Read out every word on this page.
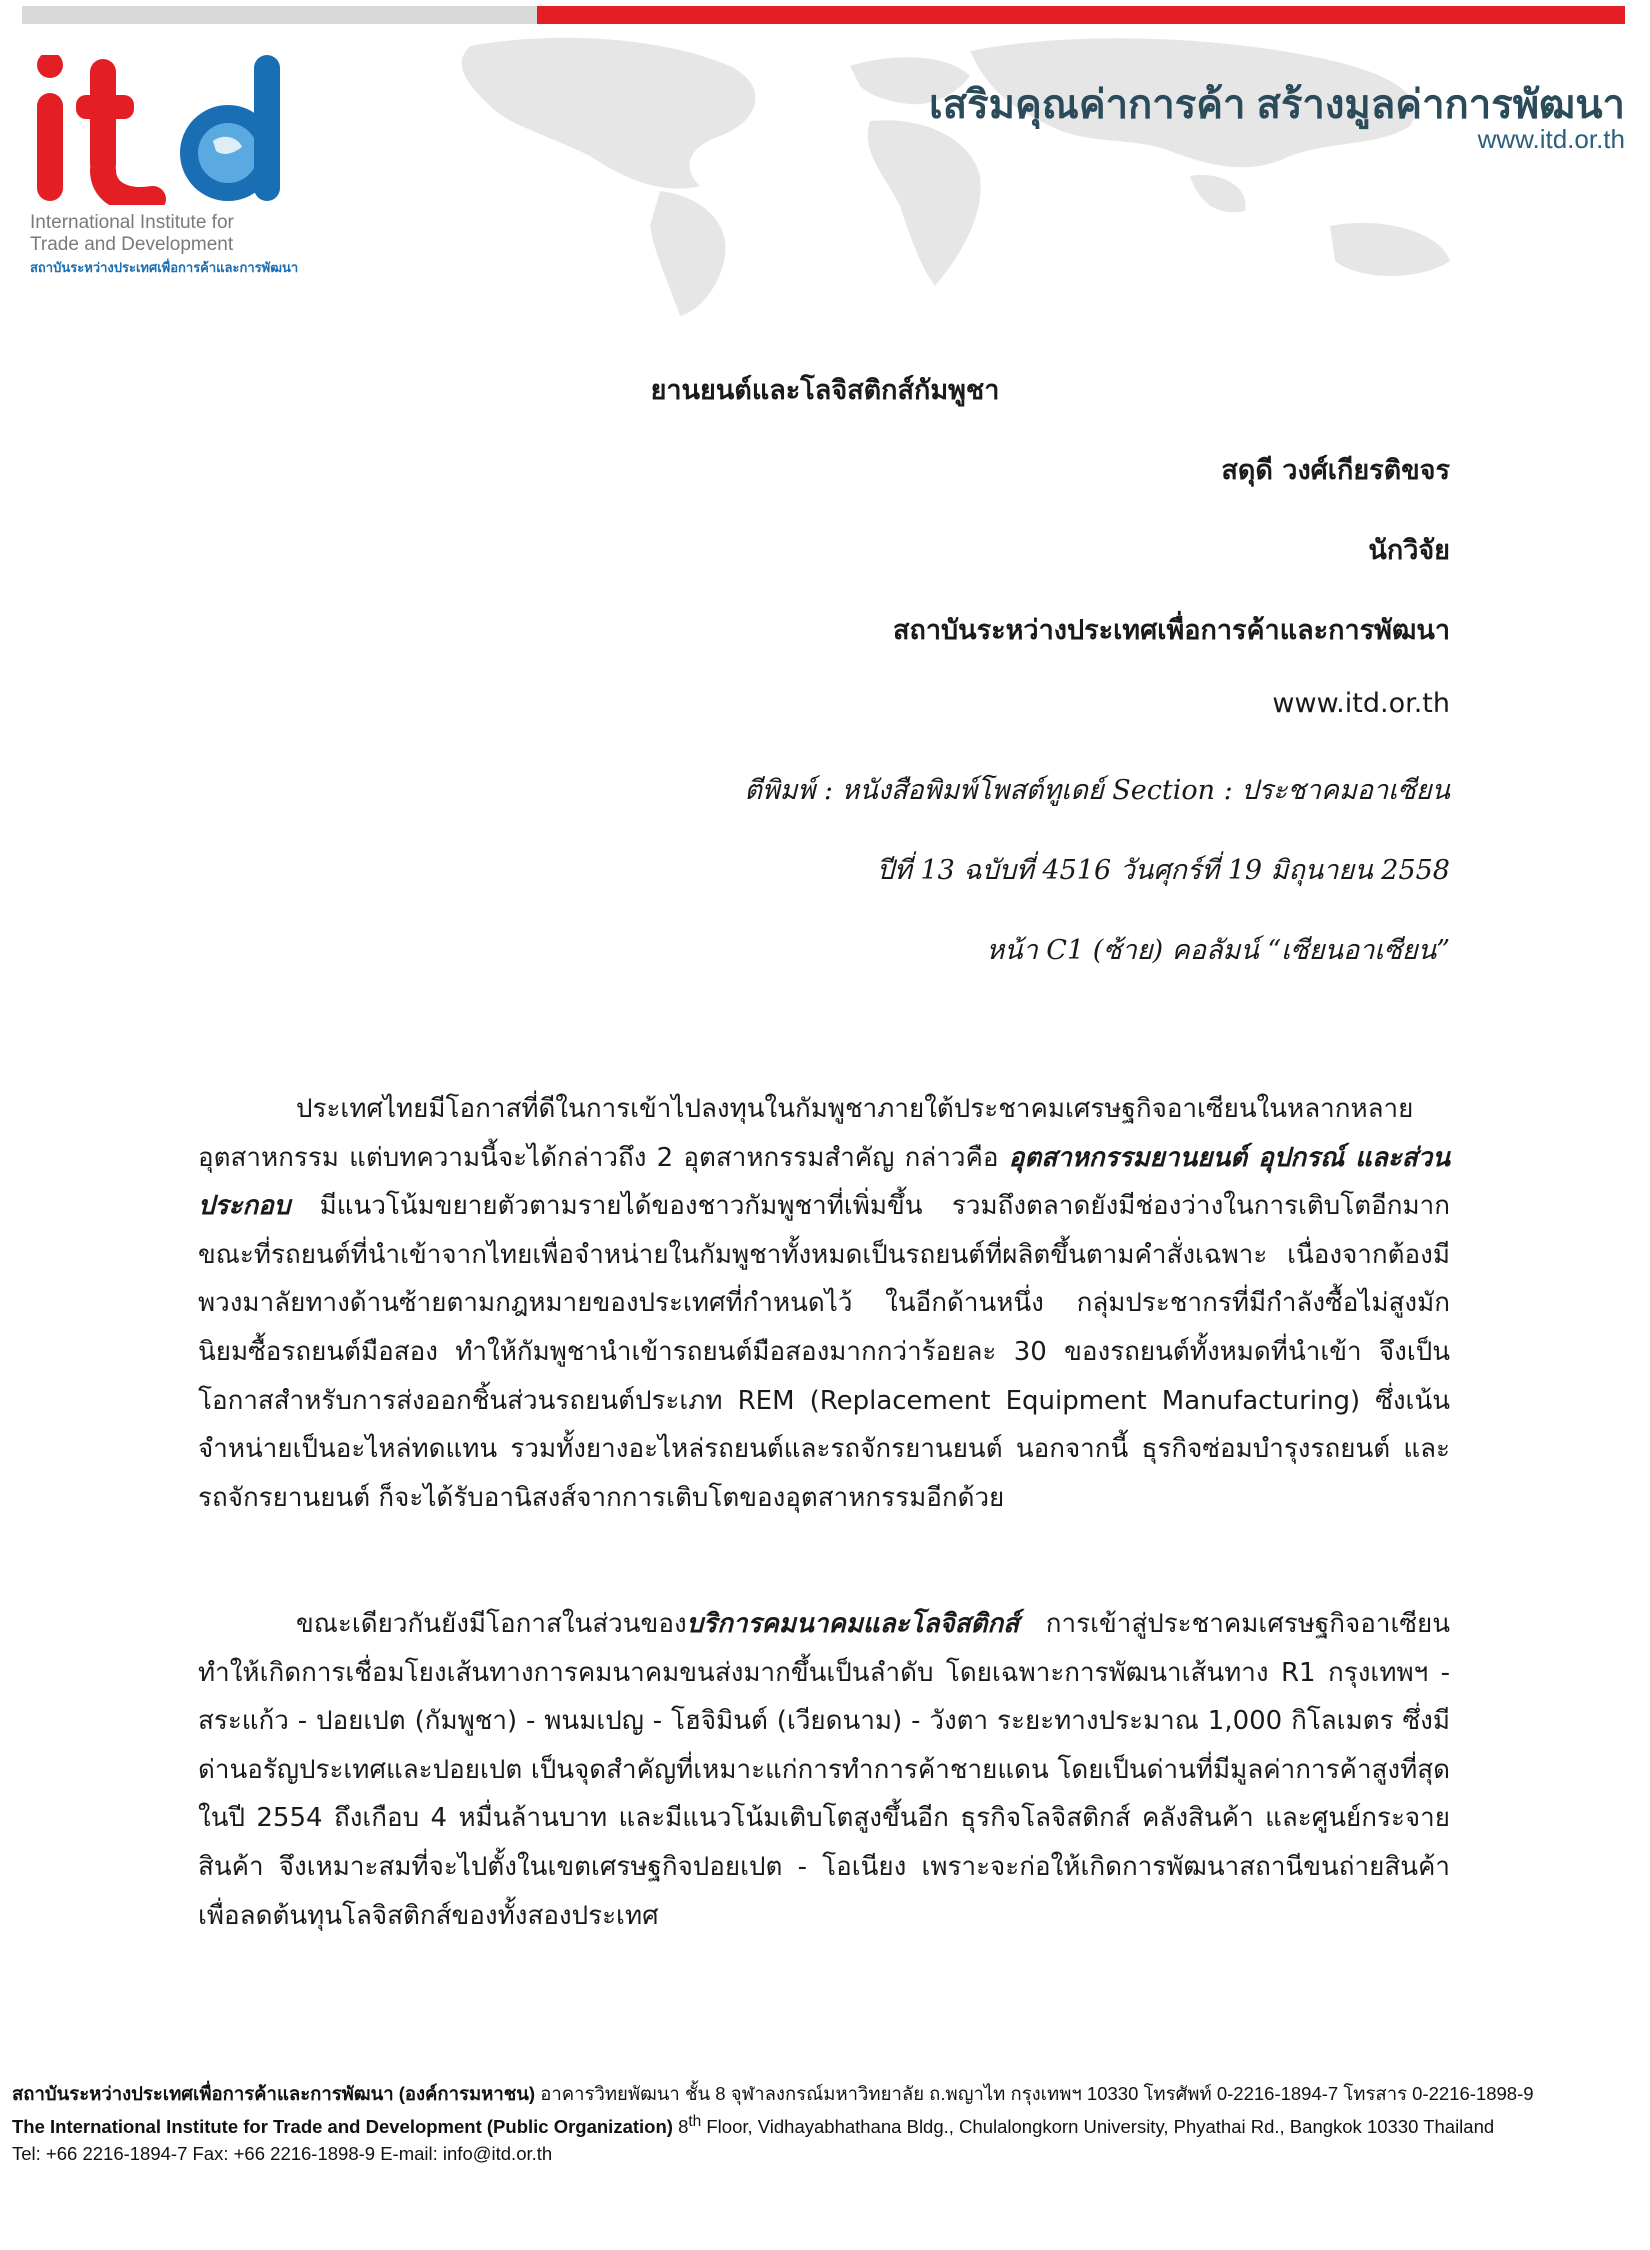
International Institute for
Trade and Development
สถาบันระหว่างประเทศเพื่อการค้าและการพัฒนา
เสริมคุณค่าการค้า สร้างมูลค่าการพัฒนา
www.itd.or.th
ยานยนต์และโลจิสติกส์กัมพูชา
สดุดี วงศ์เกียรติขจร
นักวิจัย
สถาบันระหว่างประเทศเพื่อการค้าและการพัฒนา
www.itd.or.th
ตีพิมพ์ : หนังสือพิมพ์โพสต์ทูเดย์ Section : ประชาคมอาเซียน
ปีที่ 13 ฉบับที่ 4516 วันศุกร์ที่ 19 มิถุนายน 2558
หน้า C1 (ซ้าย) คอลัมน์ “เซียนอาเซียน”

ประเทศไทยมีโอกาสที่ดีในการเข้าไปลงทุนในกัมพูชาภายใต้ประชาคมเศรษฐกิจอาเซียนในหลากหลายอุตสาหกรรม แต่บทความนี้จะได้กล่าวถึง 2 อุตสาหกรรมสำคัญ กล่าวคือ อุตสาหกรรมยานยนต์ อุปกรณ์ และส่วนประกอบ มีแนวโน้มขยายตัวตามรายได้ของชาวกัมพูชาที่เพิ่มขึ้น รวมถึงตลาดยังมีช่องว่างในการเติบโตอีกมาก ขณะที่รถยนต์ที่นำเข้าจากไทยเพื่อจำหน่ายในกัมพูชาทั้งหมดเป็นรถยนต์ที่ผลิตขึ้นตามคำสั่งเฉพาะ เนื่องจากต้องมีพวงมาลัยทางด้านซ้ายตามกฎหมายของประเทศที่กำหนดไว้ ในอีกด้านหนึ่ง กลุ่มประชากรที่มีกำลังซื้อไม่สูงมักนิยมซื้อรถยนต์มือสอง ทำให้กัมพูชานำเข้ารถยนต์มือสองมากกว่าร้อยละ 30 ของรถยนต์ทั้งหมดที่นำเข้า จึงเป็นโอกาสสำหรับการส่งออกชิ้นส่วนรถยนต์ประเภท REM (Replacement Equipment Manufacturing) ซึ่งเน้นจำหน่ายเป็นอะไหล่ทดแทน รวมทั้งยางอะไหล่รถยนต์และรถจักรยานยนต์ นอกจากนี้ ธุรกิจซ่อมบำรุงรถยนต์ และรถจักรยานยนต์ ก็จะได้รับอานิสงส์จากการเติบโตของอุตสาหกรรมอีกด้วย

ขณะเดียวกันยังมีโอกาสในส่วนของบริการคมนาคมและโลจิสติกส์ การเข้าสู่ประชาคมเศรษฐกิจอาเซียน ทำให้เกิดการเชื่อมโยงเส้นทางการคมนาคมขนส่งมากขึ้นเป็นลำดับ โดยเฉพาะการพัฒนาเส้นทาง R1 กรุงเทพฯ - สระแก้ว - ปอยเปต (กัมพูชา) - พนมเปญ - โฮจิมินต์ (เวียดนาม) - วังตา ระยะทางประมาณ 1,000 กิโลเมตร ซึ่งมีด่านอรัญประเทศและปอยเปต เป็นจุดสำคัญที่เหมาะแก่การทำการค้าชายแดน โดยเป็นด่านที่มีมูลค่าการค้าสูงที่สุดในปี 2554 ถึงเกือบ 4 หมื่นล้านบาท และมีแนวโน้มเติบโตสูงขึ้นอีก ธุรกิจโลจิสติกส์ คลังสินค้า และศูนย์กระจายสินค้า จึงเหมาะสมที่จะไปตั้งในเขตเศรษฐกิจปอยเปต - โอเนียง เพราะจะก่อให้เกิดการพัฒนาสถานีขนถ่ายสินค้าเพื่อลดต้นทุนโลจิสติกส์ของทั้งสองประเทศ

สถาบันระหว่างประเทศเพื่อการค้าและการพัฒนา (องค์การมหาชน) อาคารวิทยพัฒนา ชั้น 8 จุฬาลงกรณ์มหาวิทยาลัย ถ.พญาไท กรุงเทพฯ 10330 โทรศัพท์ 0-2216-1894-7 โทรสาร 0-2216-1898-9
The International Institute for Trade and Development (Public Organization) 8th Floor, Vidhayabhathana Bldg., Chulalongkorn University, Phyathai Rd., Bangkok 10330 Thailand
Tel: +66 2216-1894-7 Fax: +66 2216-1898-9 E-mail: info@itd.or.th
